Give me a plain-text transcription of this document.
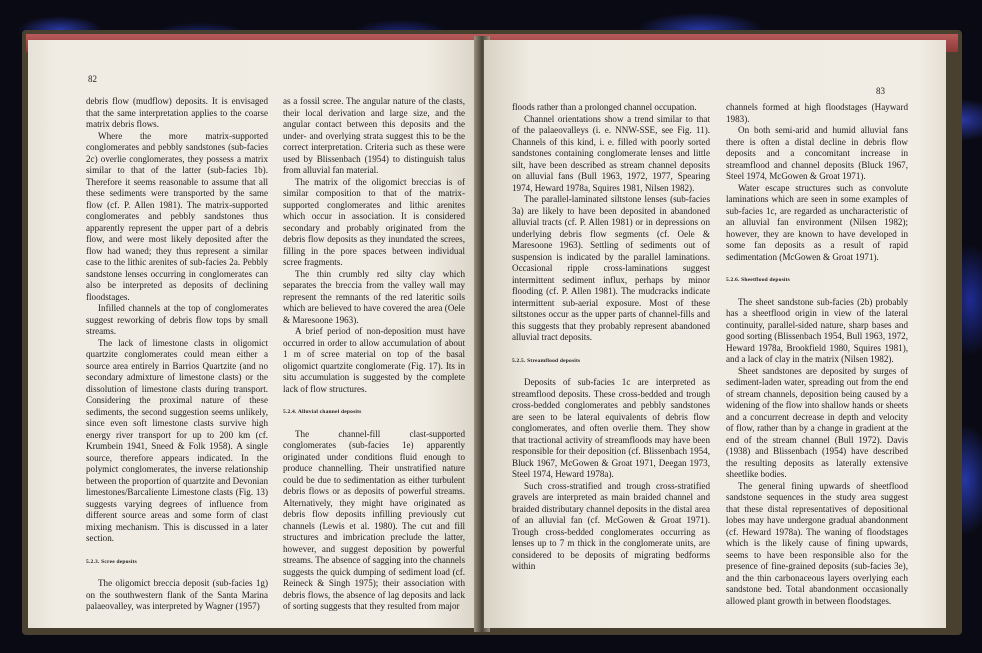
82

debris flow (mudflow) deposits. It is envisaged that the same interpretation applies to the coarse matrix debris flows.

Where the more matrix-supported conglomerates and pebbly sandstones (sub-facies 2c) overlie conglomerates, they possess a matrix similar to that of the latter (sub-facies 1b). Therefore it seems reasonable to assume that all these sediments were transported by the same flow (cf. P. Allen 1981). The matrix-supported conglomerates and pebbly sandstones thus apparently represent the upper part of a debris flow, and were most likely deposited after the flow had waned; they thus represent a similar case to the lithic arenites of sub-facies 2a. Pebbly sandstone lenses occurring in conglomerates can also be interpreted as deposits of declining floodstages.

Infilled channels at the top of conglomerates suggest reworking of debris flow tops by small streams.

The lack of limestone clasts in oligomict quartzite conglomerates could mean either a source area entirely in Barrios Quartzite (and no secondary admixture of limestone clasts) or the dissolution of limestone clasts during transport. Considering the proximal nature of these sediments, the second suggestion seems unlikely, since even soft limestone clasts survive high energy river transport for up to 200 km (cf. Krumbein 1941, Sneed & Folk 1958). A single source, therefore appears indicated. In the polymict conglomerates, the inverse relationship between the proportion of quartzite and Devonian limestones/Barcaliente Limestone clasts (Fig. 13) suggests varying degrees of influence from different source areas and some form of clast mixing mechanism. This is discussed in a later section.

5.2.3. Scree deposits

The oligomict breccia deposit (sub-facies 1g) on the southwestern flank of the Santa Marina palaeovalley, was interpreted by Wagner (1957)

as a fossil scree. The angular nature of the clasts, their local derivation and large size, and the angular contact between this deposits and the under- and overlying strata suggest this to be the correct interpretation. Criteria such as these were used by Blissenbach (1954) to distinguish talus from alluvial fan material.

The matrix of the oligomict breccias is of similar composition to that of the matrix-supported conglomerates and lithic arenites which occur in association. It is considered secondary and probably originated from the debris flow deposits as they inundated the screes, filling in the pore spaces between individual scree fragments.

The thin crumbly red silty clay which separates the breccia from the valley wall may represent the remnants of the red lateritic soils which are believed to have covered the area (Oele & Maresoone 1963).

A brief period of non-deposition must have occurred in order to allow accumulation of about 1 m of scree material on top of the basal oligomict quartzite conglomerate (Fig. 17). Its in situ accumulation is suggested by the complete lack of flow structures.

5.2.4. Alluvial channel deposits

The channel-fill clast-supported conglomerates (sub-facies 1e) apparently originated under conditions fluid enough to produce channelling. Their unstratified nature could be due to sedimentation as either turbulent debris flows or as deposits of powerful streams. Alternatively, they might have originated as debris flow deposits infilling previously cut channels (Lewis et al. 1980). The cut and fill structures and imbrication preclude the latter, however, and suggest deposition by powerful streams. The absence of sagging into the channels suggests the quick dumping of sediment load (cf. Reineck & Singh 1975); their association with debris flows, the absence of lag deposits and lack of sorting suggests that they resulted from major

83

floods rather than a prolonged channel occupation.

Channel orientations show a trend similar to that of the palaeovalleys (i. e. NNW-SSE, see Fig. 11). Channels of this kind, i. e. filled with poorly sorted sandstones containing conglomerate lenses and little silt, have been described as stream channel deposits on alluvial fans (Bull 1963, 1972, 1977, Spearing 1974, Heward 1978a, Squires 1981, Nilsen 1982).

The parallel-laminated siltstone lenses (sub-facies 3a) are likely to have been deposited in abandoned alluvial tracts (cf. P. Allen 1981) or in depressions on underlying debris flow segments (cf. Oele & Maresoone 1963). Settling of sediments out of suspension is indicated by the parallel laminations. Occasional ripple cross-laminations suggest intermittent sediment influx, perhaps by minor flooding (cf. P. Allen 1981). The mudcracks indicate intermittent sub-aerial exposure. Most of these siltstones occur as the upper parts of channel-fills and this suggests that they probably represent abandoned alluvial tract deposits.

5.2.5. Streamflood deposits

Deposits of sub-facies 1c are interpreted as streamflood deposits. These cross-bedded and trough cross-bedded conglomerates and pebbly sandstones are seen to be lateral equivalents of debris flow conglomerates, and often overlie them. They show that tractional activity of streamfloods may have been responsible for their deposition (cf. Blissenbach 1954, Bluck 1967, McGowen & Groat 1971, Deegan 1973, Steel 1974, Heward 1978a).

Such cross-stratified and trough cross-stratified gravels are interpreted as main braided channel and braided distributary channel deposits in the distal area of an alluvial fan (cf. McGowen & Groat 1971). Trough cross-bedded conglomerates occurring as lenses up to 7 m thick in the conglomerate units, are considered to be deposits of migrating bedforms within

channels formed at high floodstages (Hayward 1983).

On both semi-arid and humid alluvial fans there is often a distal decline in debris flow deposits and a concomitant increase in streamflood and channel deposits (Bluck 1967, Steel 1974, McGowen & Groat 1971).

Water escape structures such as convolute laminations which are seen in some examples of sub-facies 1c, are regarded as uncharacteristic of an alluvial fan environment (Nilsen 1982); however, they are known to have developed in some fan deposits as a result of rapid sedimentation (McGowen & Groat 1971).

5.2.6. Sheetflood deposits

The sheet sandstone sub-facies (2b) probably has a sheetflood origin in view of the lateral continuity, parallel-sided nature, sharp bases and good sorting (Blissenbach 1954, Bull 1963, 1972, Heward 1978a, Brookfield 1980, Squires 1981), and a lack of clay in the matrix (Nilsen 1982).

Sheet sandstones are deposited by surges of sediment-laden water, spreading out from the end of stream channels, deposition being caused by a widening of the flow into shallow hands or sheets and a concurrent decrease in depth and velocity of flow, rather than by a change in gradient at the end of the stream channel (Bull 1972). Davis (1938) and Blissenbach (1954) have described the resulting deposits as laterally extensive sheetlike bodies.

The general fining upwards of sheetflood sandstone sequences in the study area suggest that these distal representatives of depositional lobes may have undergone gradual abandonment (cf. Heward 1978a). The waning of floodstages which is the likely cause of fining upwards, seems to have been responsible also for the presence of fine-grained deposits (sub-facies 3e), and the thin carbonaceous layers overlying each sandstone bed. Total abandonment occasionally allowed plant growth in between floodstages.
